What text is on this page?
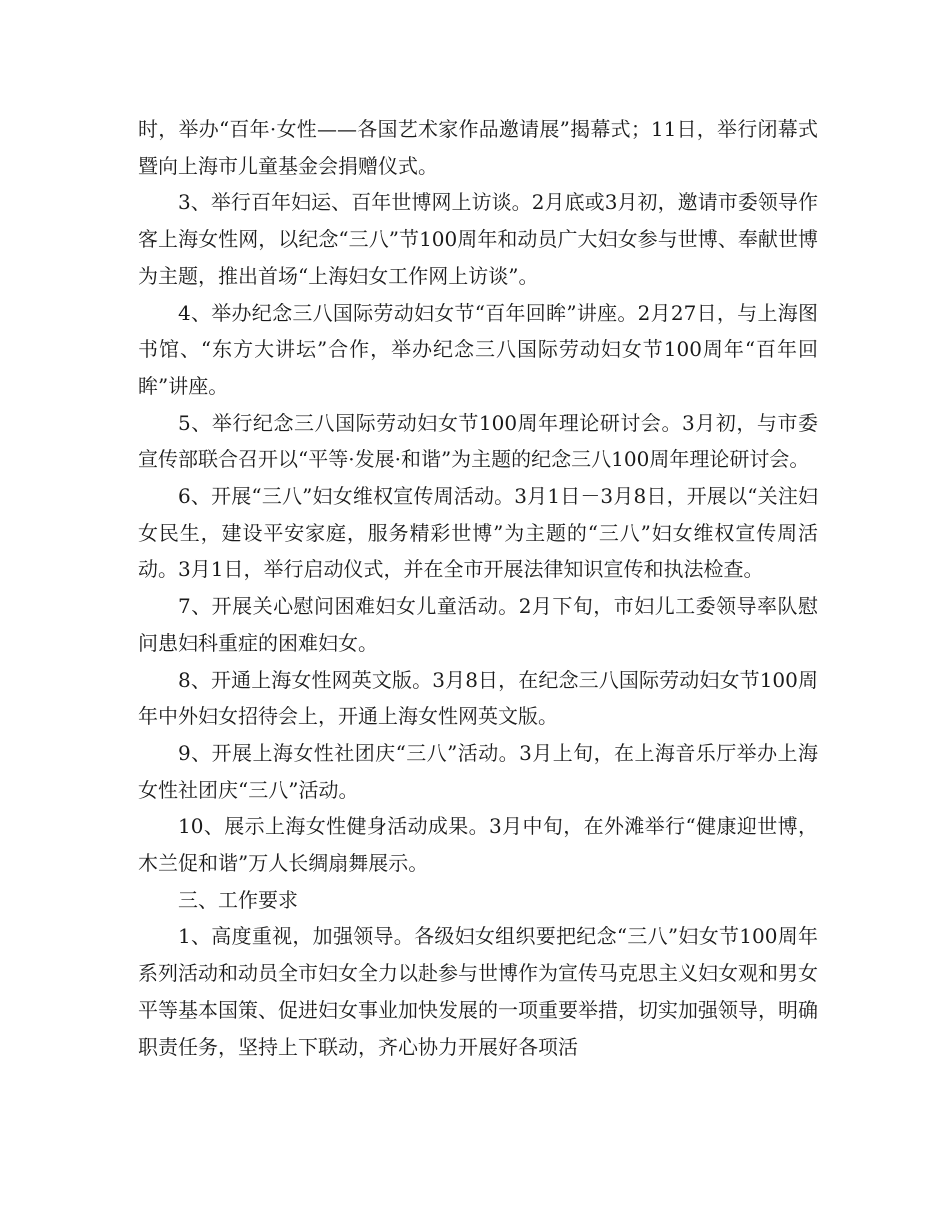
时，举办“百年·女性——各国艺术家作品邀请展”揭幕式；11日，举行闭幕式暨向上海市儿童基金会捐赠仪式。

3、举行百年妇运、百年世博网上访谈。2月底或3月初，邀请市委领导作客上海女性网，以纪念“三八”节100周年和动员广大妇女参与世博、奉献世博为主题，推出首场“上海妇女工作网上访谈”。

4、举办纪念三八国际劳动妇女节“百年回眸”讲座。2月27日，与上海图书馆、“东方大讲坛”合作，举办纪念三八国际劳动妇女节100周年“百年回眸”讲座。

5、举行纪念三八国际劳动妇女节100周年理论研讨会。3月初，与市委宣传部联合召开以“平等·发展·和谐”为主题的纪念三八100周年理论研讨会。

6、开展“三八”妇女维权宣传周活动。3月1日－3月8日，开展以“关注妇女民生，建设平安家庭，服务精彩世博”为主题的“三八”妇女维权宣传周活动。3月1日，举行启动仪式，并在全市开展法律知识宣传和执法检查。

7、开展关心慰问困难妇女儿童活动。2月下旬，市妇儿工委领导率队慰问患妇科重症的困难妇女。

8、开通上海女性网英文版。3月8日，在纪念三八国际劳动妇女节100周年中外妇女招待会上，开通上海女性网英文版。

9、开展上海女性社团庆“三八”活动。3月上旬，在上海音乐厅举办上海女性社团庆“三八”活动。

10、展示上海女性健身活动成果。3月中旬，在外滩举行“健康迎世博，木兰促和谐”万人长绸扇舞展示。

三、工作要求

1、高度重视，加强领导。各级妇女组织要把纪念“三八”妇女节100周年系列活动和动员全市妇女全力以赴参与世博作为宣传马克思主义妇女观和男女平等基本国策、促进妇女事业加快发展的一项重要举措，切实加强领导，明确职责任务，坚持上下联动，齐心协力开展好各项活
